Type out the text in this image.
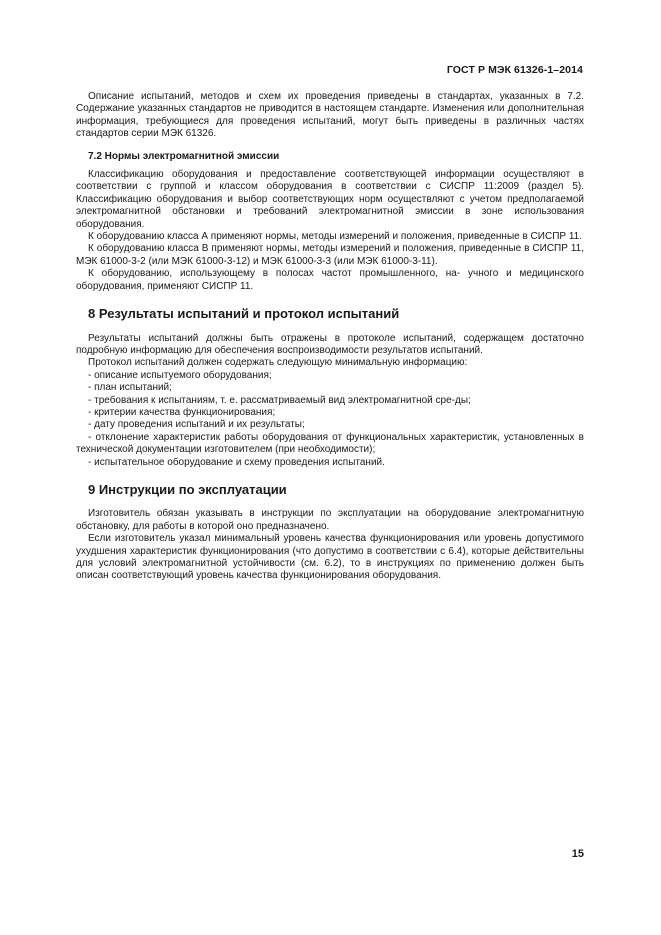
ГОСТ Р МЭК 61326-1–2014

Описание испытаний, методов и схем их проведения приведены в стандартах, указанных в 7.2. Содержание указанных стандартов не приводится в настоящем стандарте. Изменения или дополнительная информация, требующиеся для проведения испытаний, могут быть приведены в различных частях стандартов серии МЭК 61326.

7.2 Нормы электромагнитной эмиссии

Классификацию оборудования и предоставление соответствующей информации осуществляют в соответствии с группой и классом оборудования в соответствии с СИСПР 11:2009 (раздел 5). Классификацию оборудования и выбор соответствующих норм осуществляют с учетом предполагаемой электромагнитной обстановки и требований электромагнитной эмиссии в зоне использования оборудования.

К оборудованию класса А применяют нормы, методы измерений и положения, приведенные в СИСПР 11.

К оборудованию класса В применяют нормы, методы измерений и положения, приведенные в СИСПР 11, МЭК 61000-3-2 (или МЭК 61000-3-12) и МЭК 61000-3-3 (или МЭК 61000-3-11).

К оборудованию, использующему в полосах частот промышленного, на- учного и медицинского оборудования, применяют СИСПР 11.

8 Результаты испытаний и протокол испытаний

Результаты испытаний должны быть отражены в протоколе испытаний, содержащем достаточно подробную информацию для обеспечения воспроизводимости результатов испытаний.

Протокол испытаний должен содержать следующую минимальную информацию:

- описание испытуемого оборудования;

- план испытаний;

- требования к испытаниям, т. е. рассматриваемый вид электромагнитной сре-ды;

- критерии качества функционирования;

- дату проведения испытаний и их результаты;

- отклонение характеристик работы оборудования от функциональных характеристик, установленных в технической документации изготовителем (при необходимости);

- испытательное оборудование и схему проведения испытаний.

9 Инструкции по эксплуатации

Изготовитель обязан указывать в инструкции по эксплуатации на оборудование электромагнитную обстановку, для работы в которой оно предназначено.

Если изготовитель указал минимальный уровень качества функционирования или уровень допустимого ухудшения характеристик функционирования (что допустимо в соответствии с 6.4), которые действительны для условий электромагнитной устойчивости (см. 6.2), то в инструкциях по применению должен быть описан соответствующий уровень качества функционирования оборудования.

15
